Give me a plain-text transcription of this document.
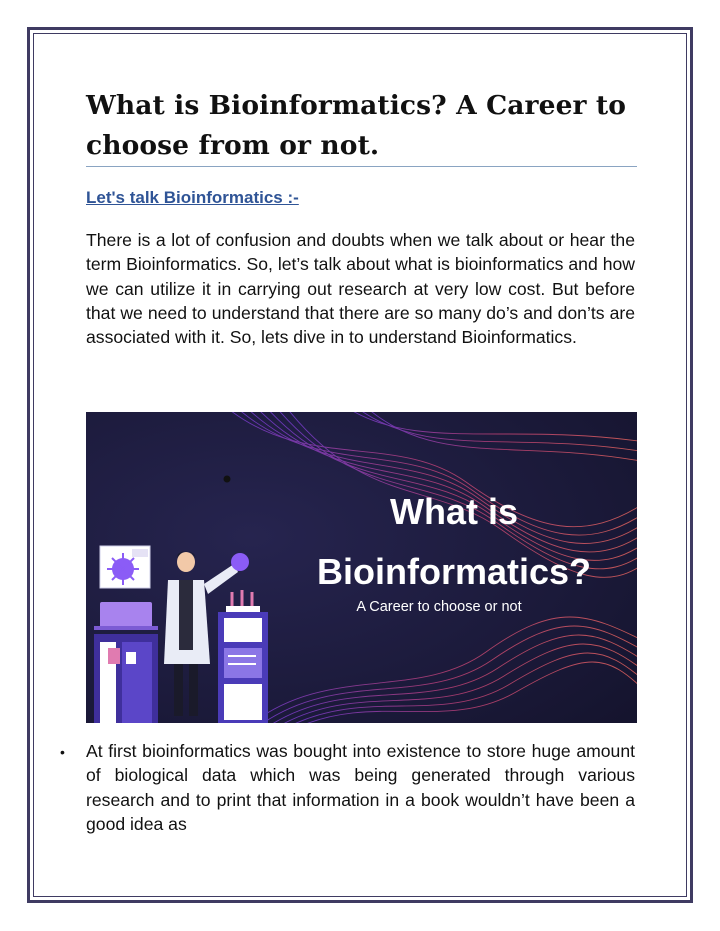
What is Bioinformatics? A Career to choose from or not.
Let's talk Bioinformatics :-

There is a lot of confusion and doubts when we talk about or hear the term Bioinformatics. So, let’s talk about what is bioinformatics and how we can utilize it in carrying out research at very low cost. But before that we need to understand that there are so many do’s and don’ts are associated with it. So, lets dive in to understand Bioinformatics.

What is
Bioinformatics?
A Career to choose or not
• At first bioinformatics was bought into existence to store huge amount of biological data which was being generated through various research and to print that information in a book wouldn’t have been a good idea as
